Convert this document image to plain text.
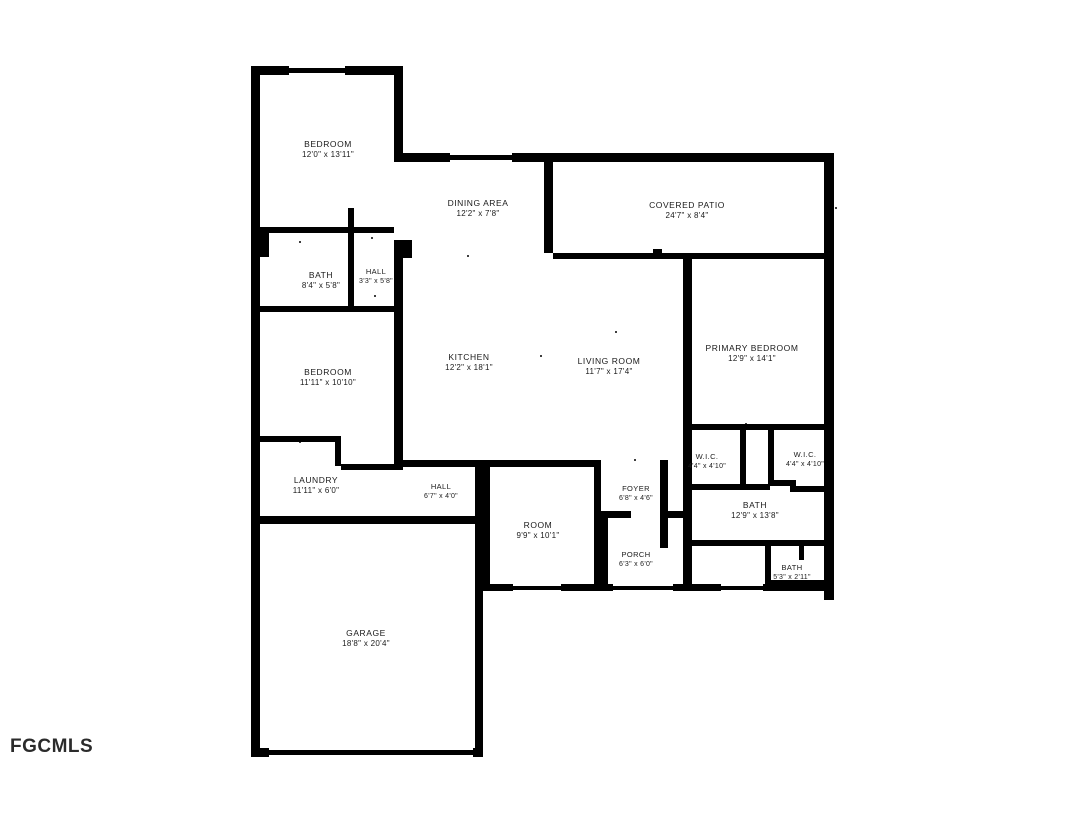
BEDROOM
12'0" x 13'11"
DINING AREA
12'2" x 7'8"
COVERED PATIO
24'7" x 8'4"
BATH
8'4" x 5'8"
HALL
3'3" x 5'8"
BEDROOM
11'11" x 10'10"
KITCHEN
12'2" x 18'1"
LIVING ROOM
11'7" x 17'4"
PRIMARY BEDROOM
12'9" x 14'1"
W.I.C.
4'4" x 4'10"
W.I.C.
4'4" x 4'10"
LAUNDRY
11'11" x 6'0"	HALL
6'7" x 4'0"
FOYER
6'8" x 4'6"
BATH
12'9" x 13'8"
ROOM
9'9" x 10'1"
PORCH
6'3" x 6'0"	BATH
5'3" x 2'11"
GARAGE
18'8" x 20'4"
FGCMLS
